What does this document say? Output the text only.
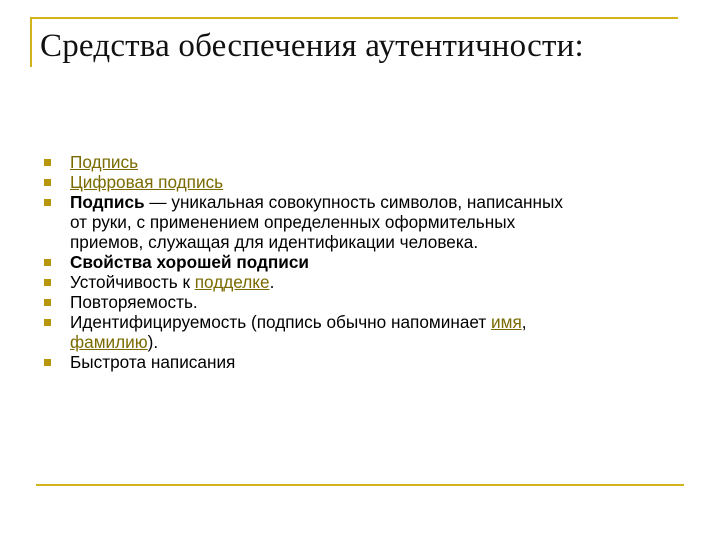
Средства обеспечения аутентичности:
Подпись
Цифровая подпись
Подпись — уникальная совокупность символов, написанных
от руки, с применением определенных оформительных
приемов, служащая для идентификации человека.
Свойства хорошей подписи
Устойчивость к подделке.
Повторяемость.
Идентифицируемость (подпись обычно напоминает имя,
фамилию).
Быстрота написания
